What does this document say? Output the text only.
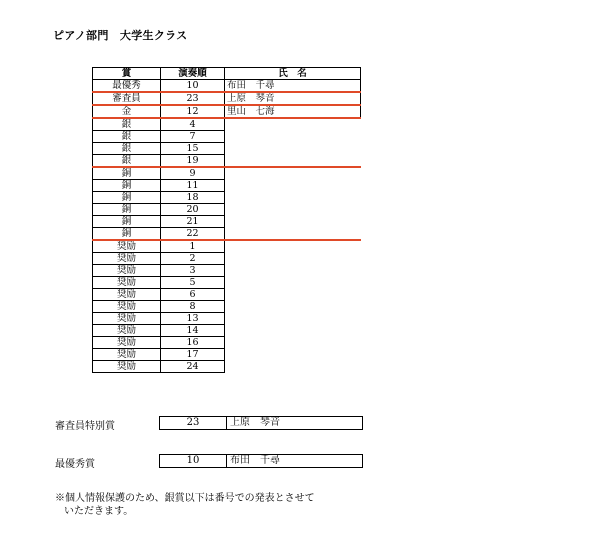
ピアノ部門　大学生クラス
賞	演奏順	氏　名
最優秀	10	布田　千尋
審査員	23	上原　琴音
金	12	里山　七海
銀	4	
銀	7	
銀	15	
銀	19	
銅	9	
銅	11	
銅	18	
銅	20	
銅	21	
銅	22	
奨励	1	
奨励	2	
奨励	3	
奨励	5	
奨励	6	
奨励	8	
奨励	13	
奨励	14	
奨励	16	
奨励	17	
奨励	24	
審査員特別賞	23	上原　琴音
最優秀賞	10	布田　千尋
※個人情報保護のため、銀賞以下は番号での発表とさせて
いただきます。
